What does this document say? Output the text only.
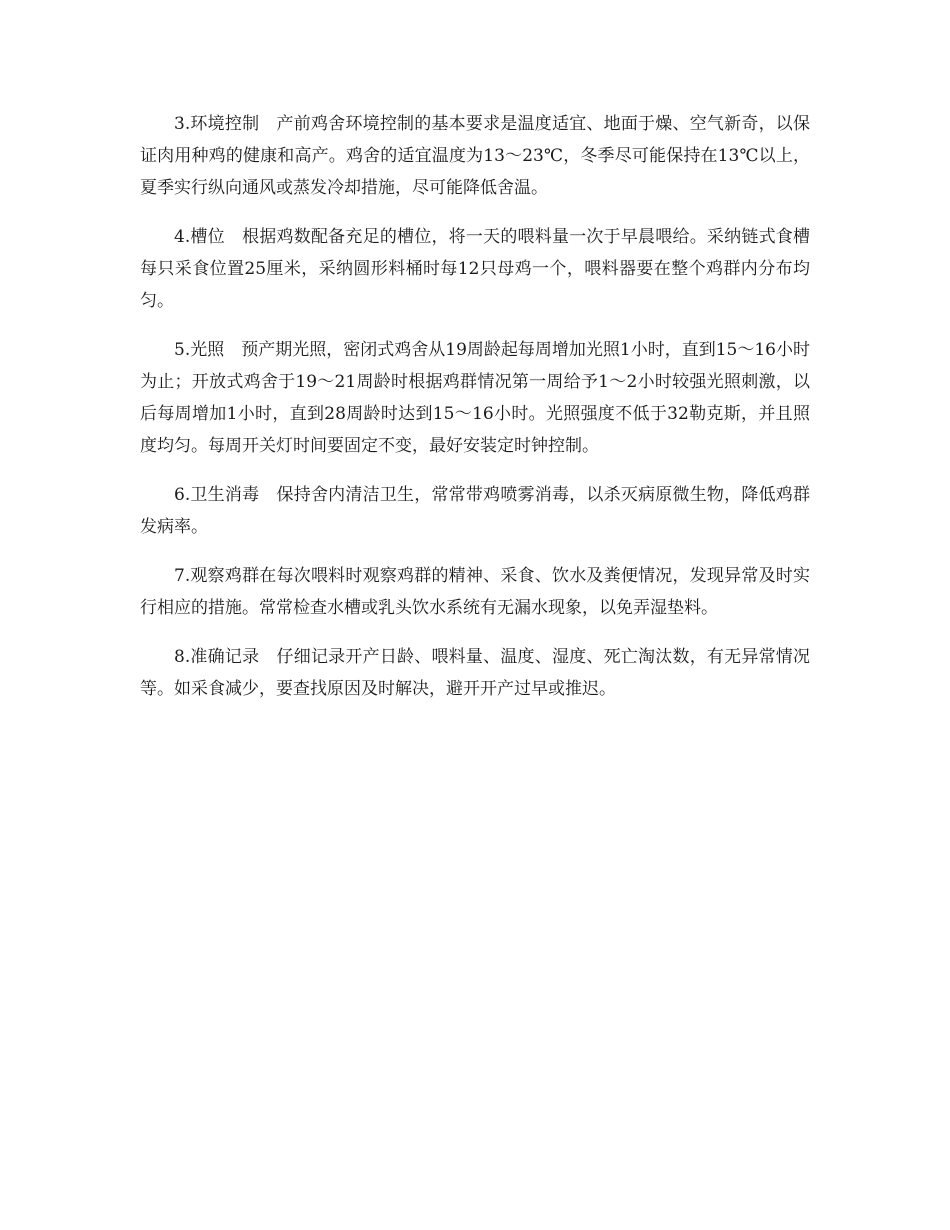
3.环境控制　产前鸡舍环境控制的基本要求是温度适宜、地面于燥、空气新奇，以保证肉用种鸡的健康和高产。鸡舍的适宜温度为13～23℃，冬季尽可能保持在13℃以上，夏季实行纵向通风或蒸发冷却措施，尽可能降低舍温。

4.槽位　根据鸡数配备充足的槽位，将一天的喂料量一次于早晨喂给。采纳链式食槽每只采食位置25厘米，采纳圆形料桶时每12只母鸡一个，喂料器要在整个鸡群内分布均匀。

5.光照　预产期光照，密闭式鸡舍从19周龄起每周增加光照1小时，直到15～16小时为止；开放式鸡舍于19～21周龄时根据鸡群情况第一周给予1～2小时较强光照刺激，以后每周增加1小时，直到28周龄时达到15～16小时。光照强度不低于32勒克斯，并且照度均匀。每周开关灯时间要固定不变，最好安装定时钟控制。

6.卫生消毒　保持舍内清洁卫生，常常带鸡喷雾消毒，以杀灭病原微生物，降低鸡群发病率。

7.观察鸡群在每次喂料时观察鸡群的精神、采食、饮水及粪便情况，发现异常及时实行相应的措施。常常检查水槽或乳头饮水系统有无漏水现象，以免弄湿垫料。

8.准确记录　仔细记录开产日龄、喂料量、温度、湿度、死亡淘汰数，有无异常情况等。如采食减少，要查找原因及时解决，避开开产过早或推迟。
